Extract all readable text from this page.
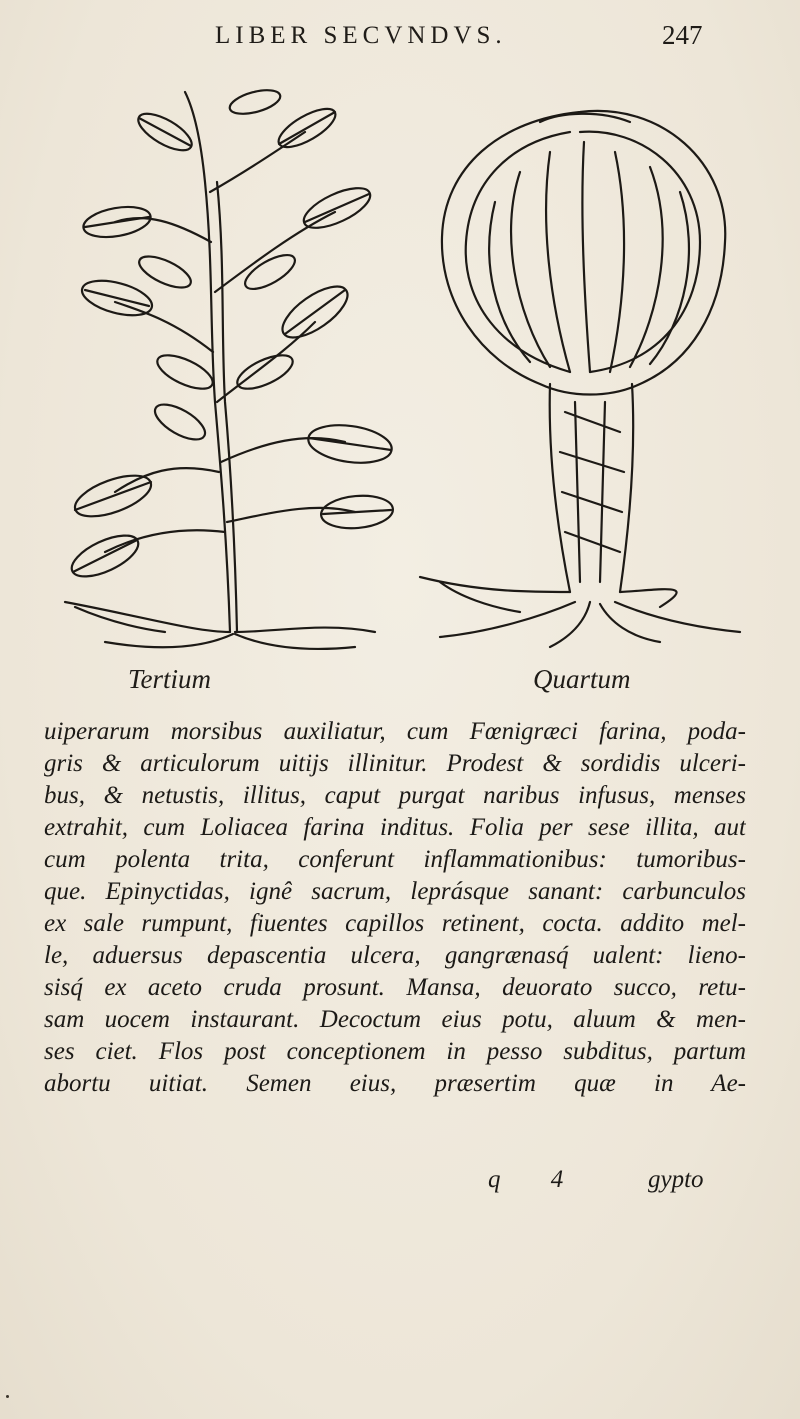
LIBER SECVNDVS.	247
Tertium	Quartum
uiperarum morsibus auxiliatur, cum Fœnigræci farina, poda-
gris & articulorum uitijs illinitur. Prodest & sordidis ulceri-
bus, & netustis, illitus, caput purgat naribus infusus, menses
extrahit, cum Loliacea farina inditus. Folia per sese illita, aut
cum polenta trita, conferunt inflammationibus: tumoribus-
que. Epinyctidas, ignê sacrum, leprásque sanant: carbunculos
ex sale rumpunt, fiuentes capillos retinent, cocta. addito mel-
le, aduersus depascentia ulcera, gangrænasq́ ualent: lieno-
sisq́ ex aceto cruda prosunt. Mansa, deuorato succo, retu-
sam uocem instaurant. Decoctum eius potu, aluum & men-
ses ciet. Flos post conceptionem in pesso subditus, partum
abortu uitiat. Semen eius, præsertim quæ in Ae-
q 4	gypto
